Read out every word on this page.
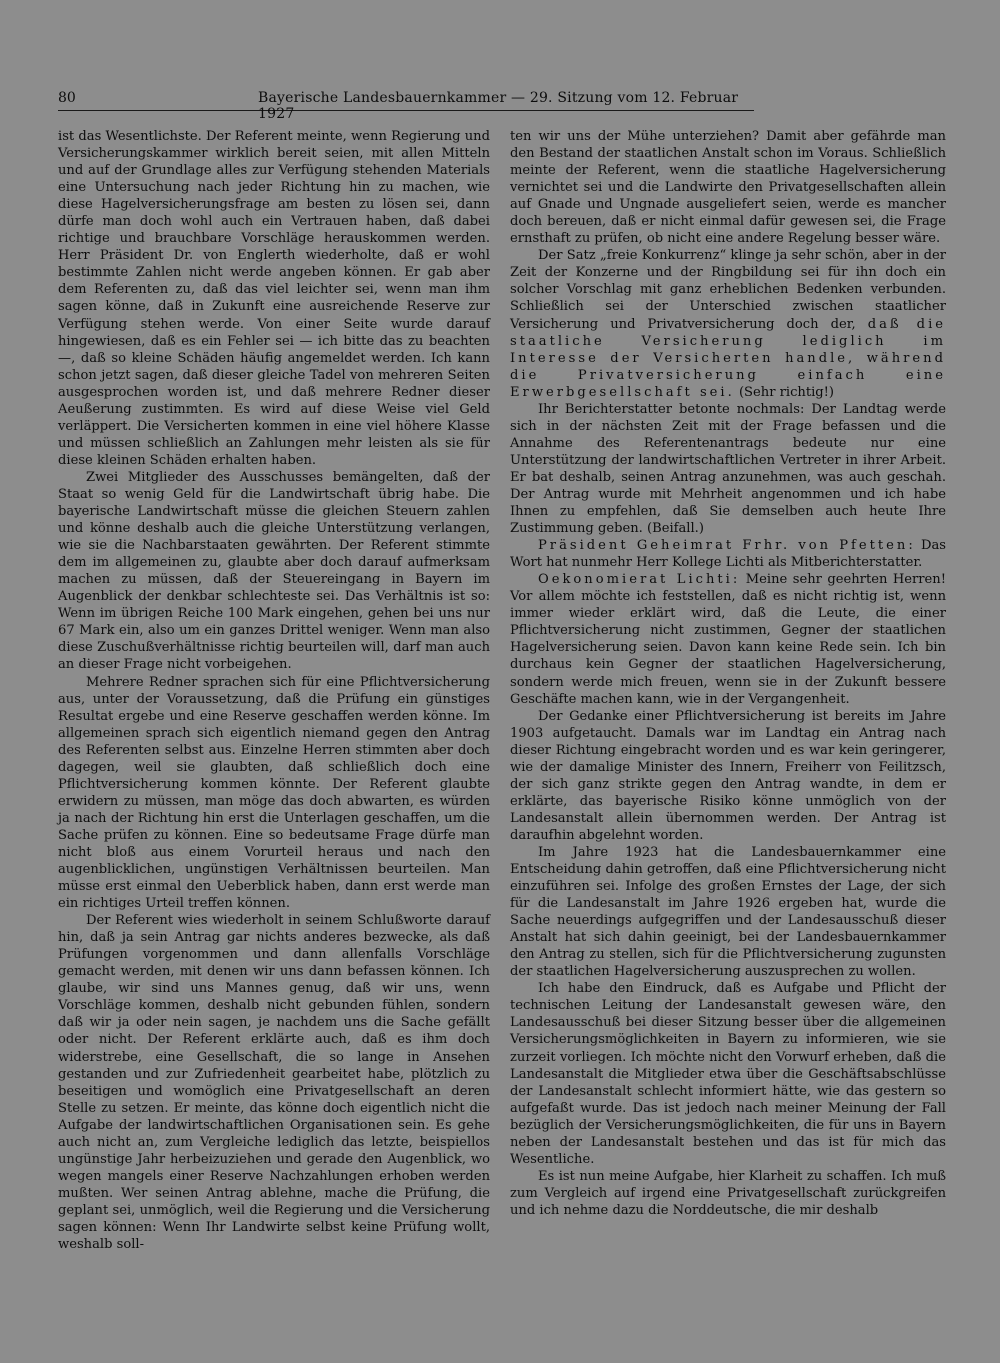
80	Bayerische Landesbauernkammer — 29. Sitzung vom 12. Februar 1927

ist das Wesentlichste. Der Referent meinte, wenn Regierung und Versicherungskammer wirklich bereit seien, mit allen Mitteln und auf der Grundlage alles zur Verfügung stehenden Materials eine Untersuchung nach jeder Richtung hin zu machen, wie diese Hagelversicherungsfrage am besten zu lösen sei, dann dürfe man doch wohl auch ein Vertrauen haben, daß dabei richtige und brauchbare Vorschläge herauskommen werden. Herr Präsident Dr. von Englerth wiederholte, daß er wohl bestimmte Zahlen nicht werde angeben können. Er gab aber dem Referenten zu, daß das viel leichter sei, wenn man ihm sagen könne, daß in Zukunft eine ausreichende Reserve zur Verfügung stehen werde. Von einer Seite wurde darauf hingewiesen, daß es ein Fehler sei — ich bitte das zu beachten —, daß so kleine Schäden häufig angemeldet werden. Ich kann schon jetzt sagen, daß dieser gleiche Tadel von mehreren Seiten ausgesprochen worden ist, und daß mehrere Redner dieser Aeußerung zustimmten. Es wird auf diese Weise viel Geld verläppert. Die Versicherten kommen in eine viel höhere Klasse und müssen schließlich an Zahlungen mehr leisten als sie für diese kleinen Schäden erhalten haben.

Zwei Mitglieder des Ausschusses bemängelten, daß der Staat so wenig Geld für die Landwirtschaft übrig habe. Die bayerische Landwirtschaft müsse die gleichen Steuern zahlen und könne deshalb auch die gleiche Unterstützung verlangen, wie sie die Nachbarstaaten gewährten. Der Referent stimmte dem im allgemeinen zu, glaubte aber doch darauf aufmerksam machen zu müssen, daß der Steuereingang in Bayern im Augenblick der denkbar schlechteste sei. Das Verhältnis ist so: Wenn im übrigen Reiche 100 Mark eingehen, gehen bei uns nur 67 Mark ein, also um ein ganzes Drittel weniger. Wenn man also diese Zuschußverhältnisse richtig beurteilen will, darf man auch an dieser Frage nicht vorbeigehen.

Mehrere Redner sprachen sich für eine Pflichtversicherung aus, unter der Voraussetzung, daß die Prüfung ein günstiges Resultat ergebe und eine Reserve geschaffen werden könne. Im allgemeinen sprach sich eigentlich niemand gegen den Antrag des Referenten selbst aus. Einzelne Herren stimmten aber doch dagegen, weil sie glaubten, daß schließlich doch eine Pflichtversicherung kommen könnte. Der Referent glaubte erwidern zu müssen, man möge das doch abwarten, es würden ja nach der Richtung hin erst die Unterlagen geschaffen, um die Sache prüfen zu können. Eine so bedeutsame Frage dürfe man nicht bloß aus einem Vorurteil heraus und nach den augenblicklichen, ungünstigen Verhältnissen beurteilen. Man müsse erst einmal den Ueberblick haben, dann erst werde man ein richtiges Urteil treffen können.

Der Referent wies wiederholt in seinem Schlußworte darauf hin, daß ja sein Antrag gar nichts anderes bezwecke, als daß Prüfungen vorgenommen und dann allenfalls Vorschläge gemacht werden, mit denen wir uns dann befassen können. Ich glaube, wir sind uns Mannes genug, daß wir uns, wenn Vorschläge kommen, deshalb nicht gebunden fühlen, sondern daß wir ja oder nein sagen, je nachdem uns die Sache gefällt oder nicht. Der Referent erklärte auch, daß es ihm doch widerstrebe, eine Gesellschaft, die so lange in Ansehen gestanden und zur Zufriedenheit gearbeitet habe, plötzlich zu beseitigen und womöglich eine Privatgesellschaft an deren Stelle zu setzen. Er meinte, das könne doch eigentlich nicht die Aufgabe der landwirtschaftlichen Organisationen sein. Es gehe auch nicht an, zum Vergleiche lediglich das letzte, beispiellos ungünstige Jahr herbeizuziehen und gerade den Augenblick, wo wegen mangels einer Reserve Nachzahlungen erhoben werden mußten. Wer seinen Antrag ablehne, mache die Prüfung, die geplant sei, unmöglich, weil die Regierung und die Versicherung sagen können: Wenn Ihr Landwirte selbst keine Prüfung wollt, weshalb soll-

ten wir uns der Mühe unterziehen? Damit aber gefährde man den Bestand der staatlichen Anstalt schon im Voraus. Schließlich meinte der Referent, wenn die staatliche Hagelversicherung vernichtet sei und die Landwirte den Privatgesellschaften allein auf Gnade und Ungnade ausgeliefert seien, werde es mancher doch bereuen, daß er nicht einmal dafür gewesen sei, die Frage ernsthaft zu prüfen, ob nicht eine andere Regelung besser wäre.

Der Satz „freie Konkurrenz“ klinge ja sehr schön, aber in der Zeit der Konzerne und der Ringbildung sei für ihn doch ein solcher Vorschlag mit ganz erheblichen Bedenken verbunden. Schließlich sei der Unterschied zwischen staatlicher Versicherung und Privatversicherung doch der, daß die staatliche Versicherung lediglich im Interesse der Versicherten handle, während die Privatversicherung einfach eine Erwerbgesellschaft sei. (Sehr richtig!)

Ihr Berichterstatter betonte nochmals: Der Landtag werde sich in der nächsten Zeit mit der Frage befassen und die Annahme des Referentenantrags bedeute nur eine Unterstützung der landwirtschaftlichen Vertreter in ihrer Arbeit. Er bat deshalb, seinen Antrag anzunehmen, was auch geschah. Der Antrag wurde mit Mehrheit angenommen und ich habe Ihnen zu empfehlen, daß Sie demselben auch heute Ihre Zustimmung geben. (Beifall.)

Präsident Geheimrat Frhr. von Pfetten: Das Wort hat nunmehr Herr Kollege Lichti als Mitberichterstatter.

Oekonomierat Lichti: Meine sehr geehrten Herren! Vor allem möchte ich feststellen, daß es nicht richtig ist, wenn immer wieder erklärt wird, daß die Leute, die einer Pflichtversicherung nicht zustimmen, Gegner der staatlichen Hagelversicherung seien. Davon kann keine Rede sein. Ich bin durchaus kein Gegner der staatlichen Hagelversicherung, sondern werde mich freuen, wenn sie in der Zukunft bessere Geschäfte machen kann, wie in der Vergangenheit.

Der Gedanke einer Pflichtversicherung ist bereits im Jahre 1903 aufgetaucht. Damals war im Landtag ein Antrag nach dieser Richtung eingebracht worden und es war kein geringerer, wie der damalige Minister des Innern, Freiherr von Feilitzsch, der sich ganz strikte gegen den Antrag wandte, in dem er erklärte, das bayerische Risiko könne unmöglich von der Landesanstalt allein übernommen werden. Der Antrag ist daraufhin abgelehnt worden.

Im Jahre 1923 hat die Landesbauernkammer eine Entscheidung dahin getroffen, daß eine Pflichtversicherung nicht einzuführen sei. Infolge des großen Ernstes der Lage, der sich für die Landesanstalt im Jahre 1926 ergeben hat, wurde die Sache neuerdings aufgegriffen und der Landesausschuß dieser Anstalt hat sich dahin geeinigt, bei der Landesbauernkammer den Antrag zu stellen, sich für die Pflichtversicherung zugunsten der staatlichen Hagelversicherung auszusprechen zu wollen.

Ich habe den Eindruck, daß es Aufgabe und Pflicht der technischen Leitung der Landesanstalt gewesen wäre, den Landesausschuß bei dieser Sitzung besser über die allgemeinen Versicherungsmöglichkeiten in Bayern zu informieren, wie sie zurzeit vorliegen. Ich möchte nicht den Vorwurf erheben, daß die Landesanstalt die Mitglieder etwa über die Geschäftsabschlüsse der Landesanstalt schlecht informiert hätte, wie das gestern so aufgefaßt wurde. Das ist jedoch nach meiner Meinung der Fall bezüglich der Versicherungsmöglichkeiten, die für uns in Bayern neben der Landesanstalt bestehen und das ist für mich das Wesentliche.

Es ist nun meine Aufgabe, hier Klarheit zu schaffen. Ich muß zum Vergleich auf irgend eine Privatgesellschaft zurückgreifen und ich nehme dazu die Norddeutsche, die mir deshalb
